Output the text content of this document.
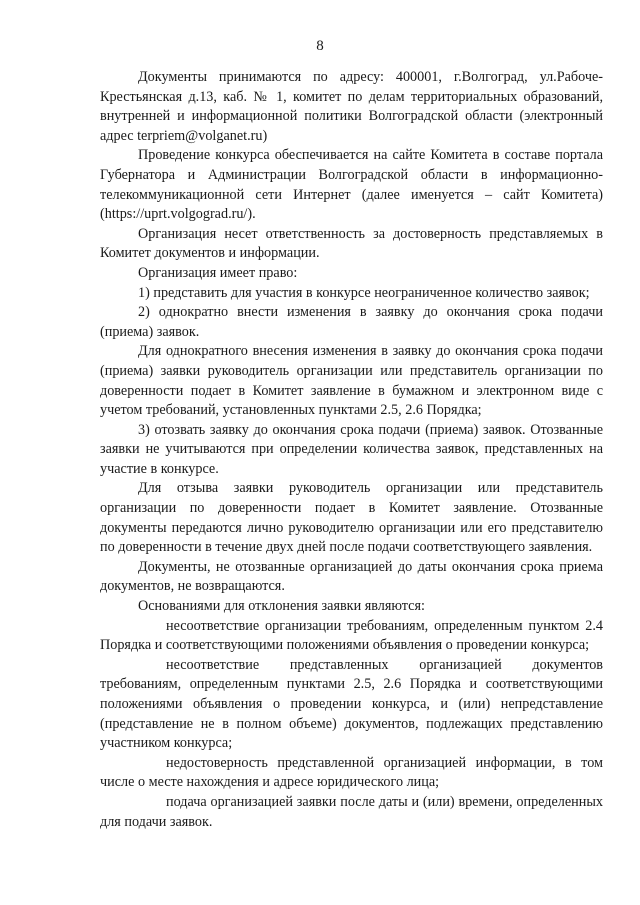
8

Документы принимаются по адресу: 400001, г.Волгоград, ул.Рабоче-Крестьянская д.13, каб. № 1, комитет по делам территориальных образований, внутренней и информационной политики Волгоградской области (электронный адрес terpriem@volganet.ru)

Проведение конкурса обеспечивается на сайте Комитета в составе портала Губернатора и Администрации Волгоградской области в информационно-телекоммуникационной сети Интернет (далее именуется – сайт Комитета) (https://uprt.volgograd.ru/).

Организация несет ответственность за достоверность представляемых в Комитет документов и информации.

Организация имеет право:

1) представить для участия в конкурсе неограниченное количество заявок;

2) однократно внести изменения в заявку до окончания срока подачи (приема) заявок.

Для однократного внесения изменения в заявку до окончания срока подачи (приема) заявки руководитель организации или представитель организации по доверенности подает в Комитет заявление в бумажном и электронном виде с учетом требований, установленных пунктами 2.5, 2.6 Порядка;

3) отозвать заявку до окончания срока подачи (приема) заявок. Отозванные заявки не учитываются при определении количества заявок, представленных на участие в конкурсе.

Для отзыва заявки руководитель организации или представитель организации по доверенности подает в Комитет заявление. Отозванные документы передаются лично руководителю организации или его представителю по доверенности в течение двух дней после подачи соответствующего заявления.

Документы, не отозванные организацией до даты окончания срока приема документов, не возвращаются.

Основаниями для отклонения заявки являются:

несоответствие организации требованиям, определенным пунктом 2.4 Порядка и соответствующими положениями объявления о проведении конкурса;

несоответствие представленных организацией документов требованиям, определенным пунктами 2.5, 2.6 Порядка и соответствующими положениями объявления о проведении конкурса, и (или) непредставление (представление не в полном объеме) документов, подлежащих представлению участником конкурса;

недостоверность представленной организацией информации, в том числе о месте нахождения и адресе юридического лица;

подача организацией заявки после даты и (или) времени, определенных для подачи заявок.
